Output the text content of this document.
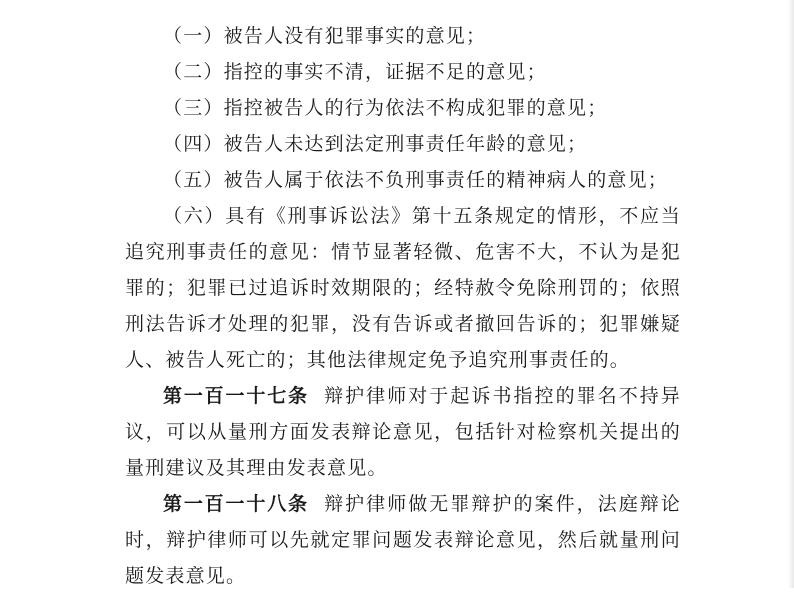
（一）被告人没有犯罪事实的意见；

（二）指控的事实不清，证据不足的意见；

（三）指控被告人的行为依法不构成犯罪的意见；

（四）被告人未达到法定刑事责任年龄的意见；

（五）被告人属于依法不负刑事责任的精神病人的意见；

（六）具有《刑事诉讼法》第十五条规定的情形，不应当追究刑事责任的意见：情节显著轻微、危害不大，不认为是犯罪的；犯罪已过追诉时效期限的；经特赦令免除刑罚的；依照刑法告诉才处理的犯罪，没有告诉或者撤回告诉的；犯罪嫌疑人、被告人死亡的；其他法律规定免予追究刑事责任的。

第一百一十七条 辩护律师对于起诉书指控的罪名不持异议，可以从量刑方面发表辩论意见，包括针对检察机关提出的量刑建议及其理由发表意见。

第一百一十八条 辩护律师做无罪辩护的案件，法庭辩论时，辩护律师可以先就定罪问题发表辩论意见，然后就量刑问题发表意见。
